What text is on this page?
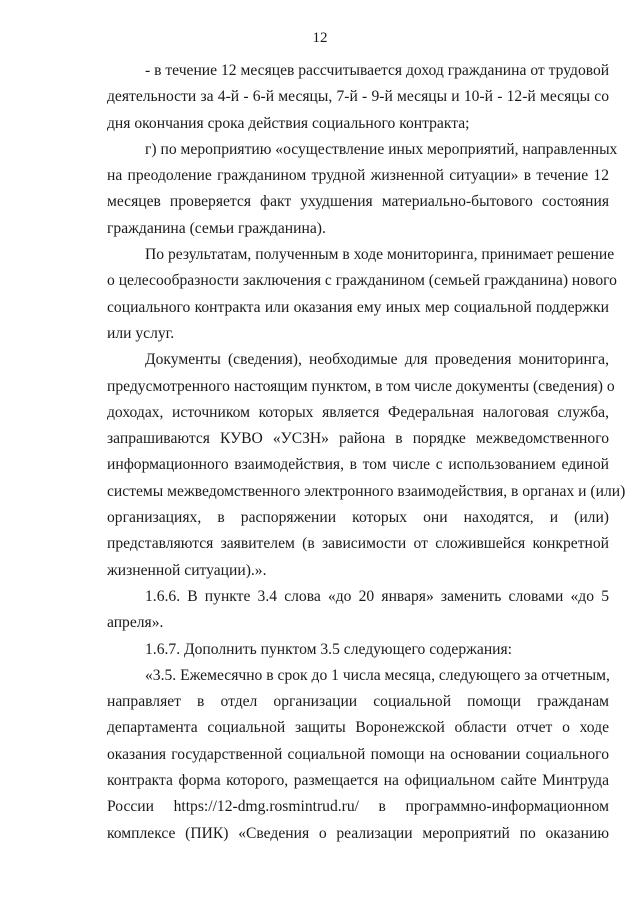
12
- в течение 12 месяцев рассчитывается доход гражданина от трудовой
деятельности за 4-й - 6-й месяцы, 7-й - 9-й месяцы и 10-й - 12-й месяцы со
дня окончания срока действия социального контракта;
г) по мероприятию «осуществление иных мероприятий, направленных
на преодоление гражданином трудной жизненной ситуации» в течение 12
месяцев проверяется факт ухудшения материально-бытового состояния
гражданина (семьи гражданина).
По результатам, полученным в ходе мониторинга, принимает решение
о целесообразности заключения с гражданином (семьей гражданина) нового
социального контракта или оказания ему иных мер социальной поддержки
или услуг.
Документы (сведения), необходимые для проведения мониторинга,
предусмотренного настоящим пунктом, в том числе документы (сведения) о
доходах, источником которых является Федеральная налоговая служба,
запрашиваются КУВО «УСЗН» района в порядке межведомственного
информационного взаимодействия, в том числе с использованием единой
системы межведомственного электронного взаимодействия, в органах и (или)
организациях, в распоряжении которых они находятся, и (или)
представляются заявителем (в зависимости от сложившейся конкретной
жизненной ситуации).».
1.6.6. В пункте 3.4 слова «до 20 января» заменить словами «до 5
апреля».
1.6.7. Дополнить пунктом 3.5 следующего содержания:
«3.5. Ежемесячно в срок до 1 числа месяца, следующего за отчетным,
направляет в отдел организации социальной помощи гражданам
департамента социальной защиты Воронежской области отчет о ходе
оказания государственной социальной помощи на основании социального
контракта форма которого, размещается на официальном сайте Минтруда
России https://12-dmg.rosmintrud.ru/ в программно-информационном
комплексе (ПИК) «Сведения о реализации мероприятий по оказанию
